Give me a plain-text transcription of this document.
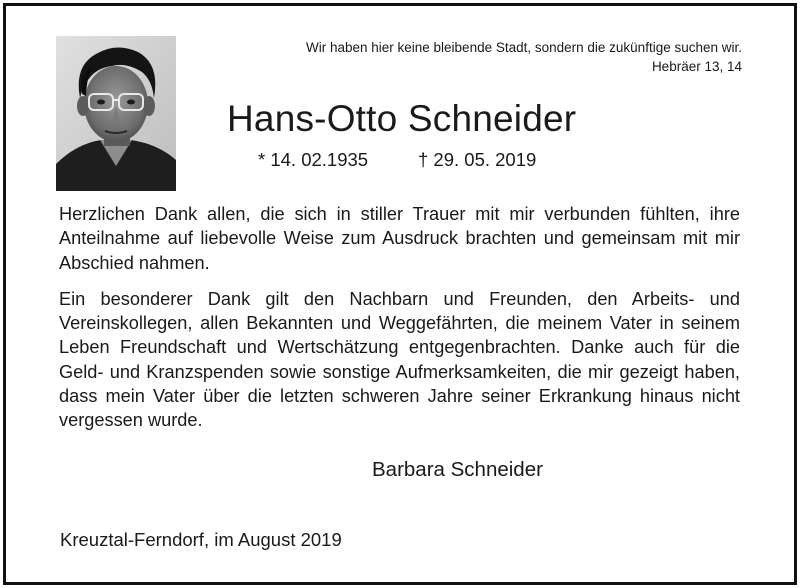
Wir haben hier keine bleibende Stadt, sondern die zukünftige suchen wir.
Hebräer 13, 14
Hans-Otto Schneider
* 14. 02.1935	† 29. 05. 2019

Herzlichen Dank allen, die sich in stiller Trauer mit mir verbunden fühlten, ihre Anteilnahme auf liebevolle Weise zum Ausdruck brachten und gemeinsam mit mir Abschied nahmen.

Ein besonderer Dank gilt den Nachbarn und Freunden, den Arbeits- und Vereinskollegen, allen Bekannten und Weggefährten, die meinem Vater in seinem Leben Freundschaft und Wertschätzung entgegenbrachten. Danke auch für die Geld- und Kranzspenden sowie sonstige Aufmerksamkeiten, die mir gezeigt haben, dass mein Vater über die letzten schweren Jahre seiner Erkrankung hinaus nicht vergessen wurde.

Barbara Schneider
Kreuztal-Ferndorf, im August 2019
